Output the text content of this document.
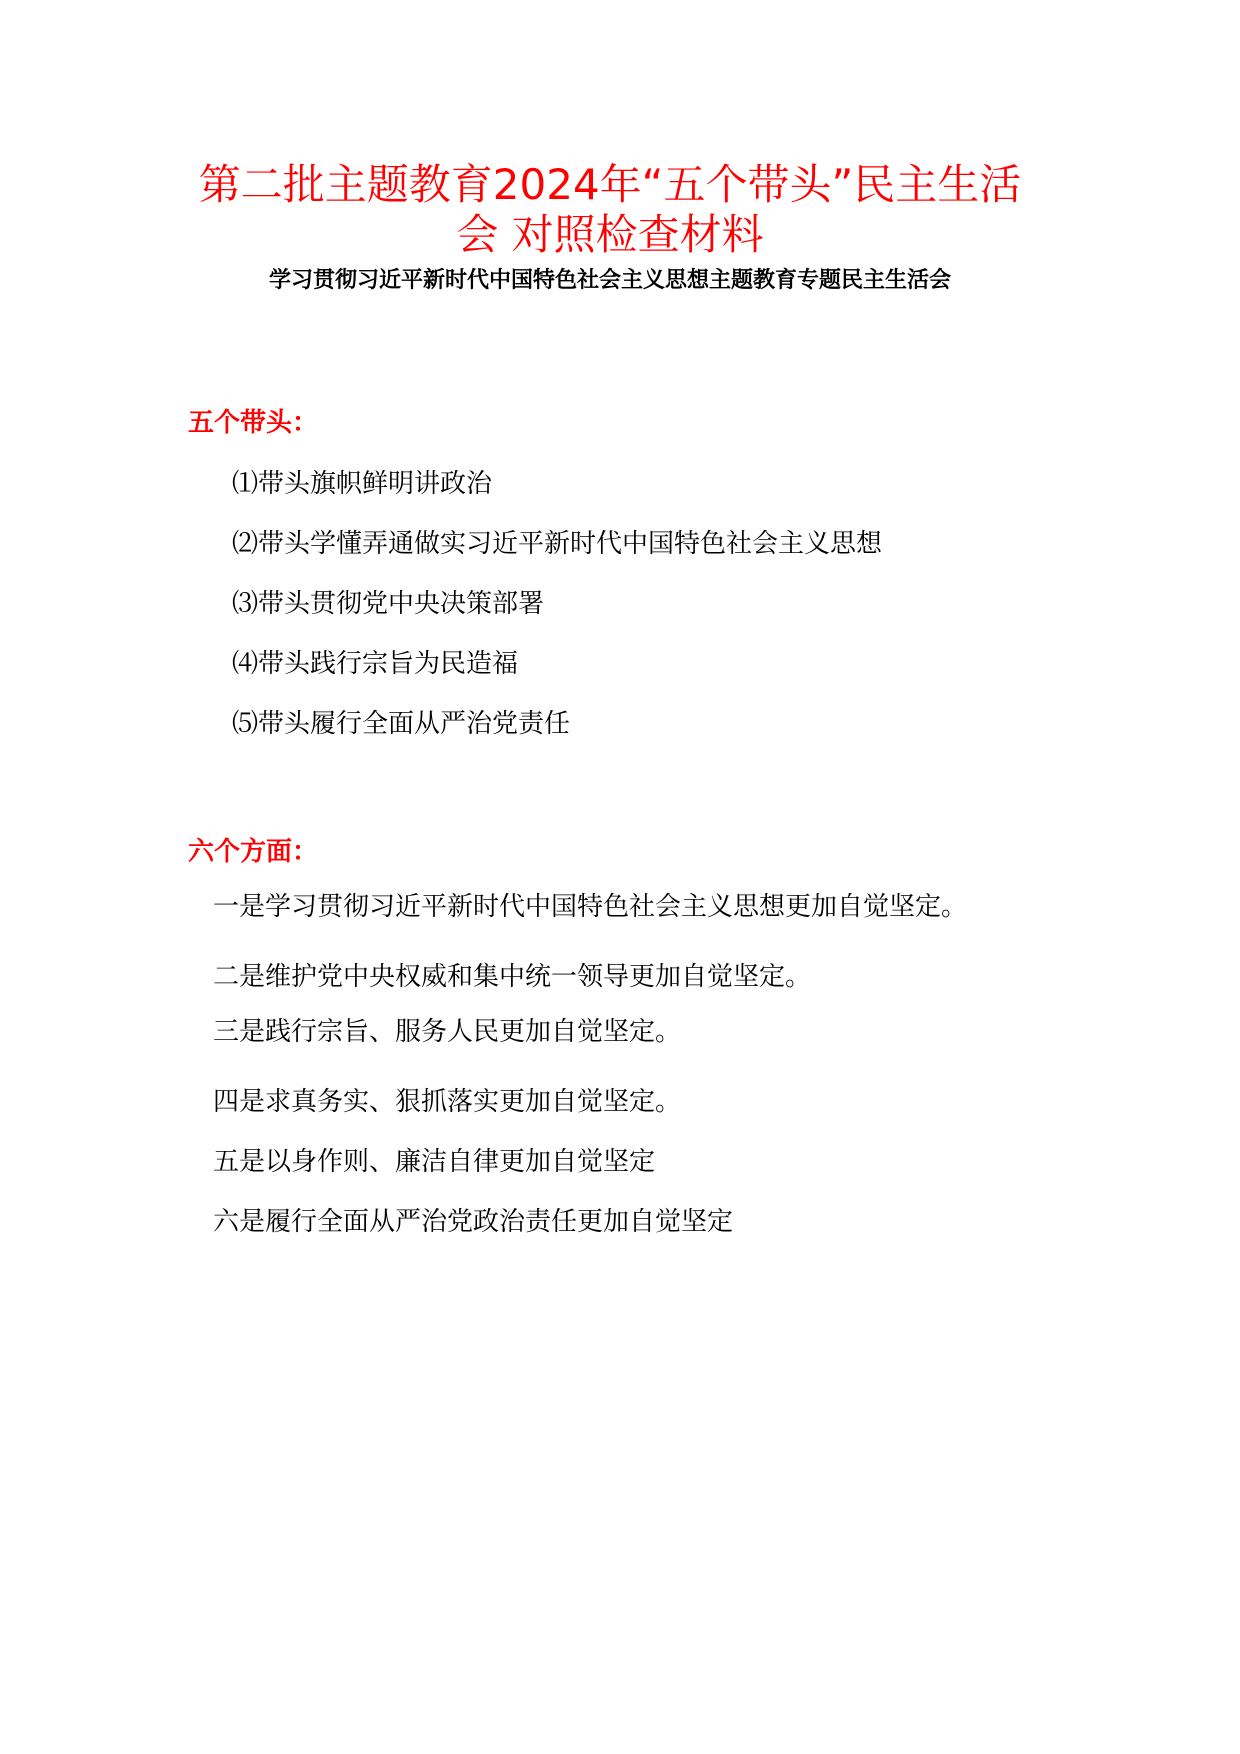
第二批主题教育2024年“五个带头”民主生活
会 对照检查材料

学习贯彻习近平新时代中国特色社会主义思想主题教育专题民主生活会

五个带头：
⑴带头旗帜鲜明讲政治
⑵带头学懂弄通做实习近平新时代中国特色社会主义思想
⑶带头贯彻党中央决策部署
⑷带头践行宗旨为民造福
⑸带头履行全面从严治党责任
六个方面：
一是学习贯彻习近平新时代中国特色社会主义思想更加自觉坚定。
二是维护党中央权威和集中统一领导更加自觉坚定。
三是践行宗旨、服务人民更加自觉坚定。
四是求真务实、狠抓落实更加自觉坚定。
五是以身作则、廉洁自律更加自觉坚定
六是履行全面从严治党政治责任更加自觉坚定
